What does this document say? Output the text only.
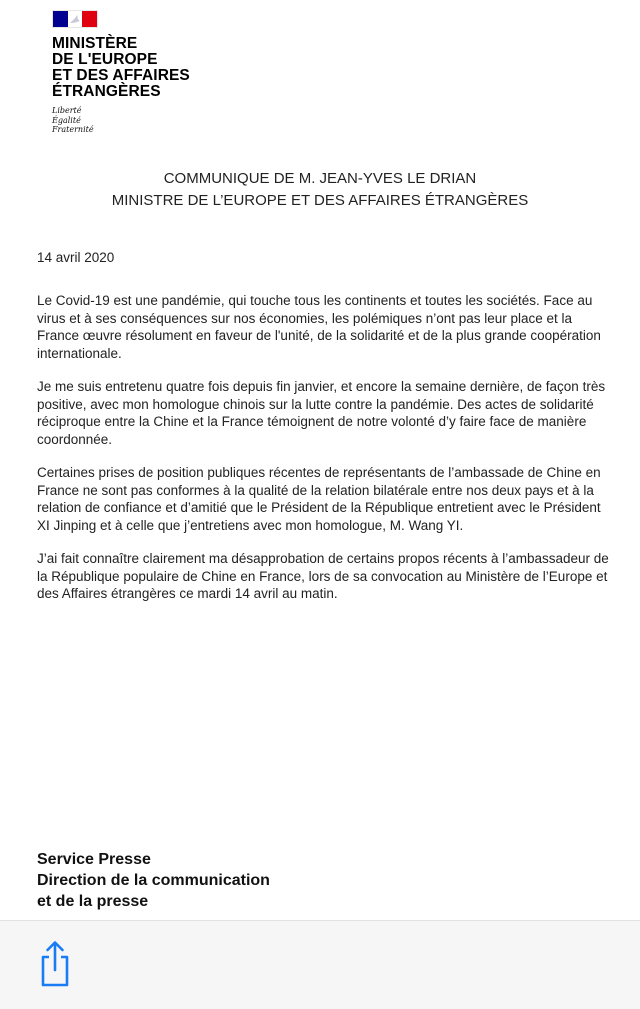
MINISTÈRE
DE L'EUROPE
ET DES AFFAIRES
ÉTRANGÈRES
Liberté
Égalité
Fraternité
COMMUNIQUE DE M. JEAN-YVES LE DRIAN
MINISTRE DE L’EUROPE ET DES AFFAIRES ÉTRANGÈRES
14 avril 2020

Le Covid-19 est une pandémie, qui touche tous les continents et toutes les sociétés. Face au virus et à ses conséquences sur nos économies, les polémiques n’ont pas leur place et la France œuvre résolument en faveur de l'unité, de la solidarité et de la plus grande coopération internationale.

Je me suis entretenu quatre fois depuis fin janvier, et encore la semaine dernière, de façon très positive, avec mon homologue chinois sur la lutte contre la pandémie. Des actes de solidarité réciproque entre la Chine et la France témoignent de notre volonté d’y faire face de manière coordonnée.

Certaines prises de position publiques récentes de représentants de l’ambassade de Chine en France ne sont pas conformes à la qualité de la relation bilatérale entre nos deux pays et à la relation de confiance et d’amitié que le Président de la République entretient avec le Président XI Jinping et à celle que j’entretiens avec mon homologue, M. Wang YI.

J’ai fait connaître clairement ma désapprobation de certains propos récents à l’ambassadeur de la République populaire de Chine en France, lors de sa convocation au Ministère de l’Europe et des Affaires étrangères ce mardi 14 avril au matin.

Service Presse
Direction de la communication
et de la presse
